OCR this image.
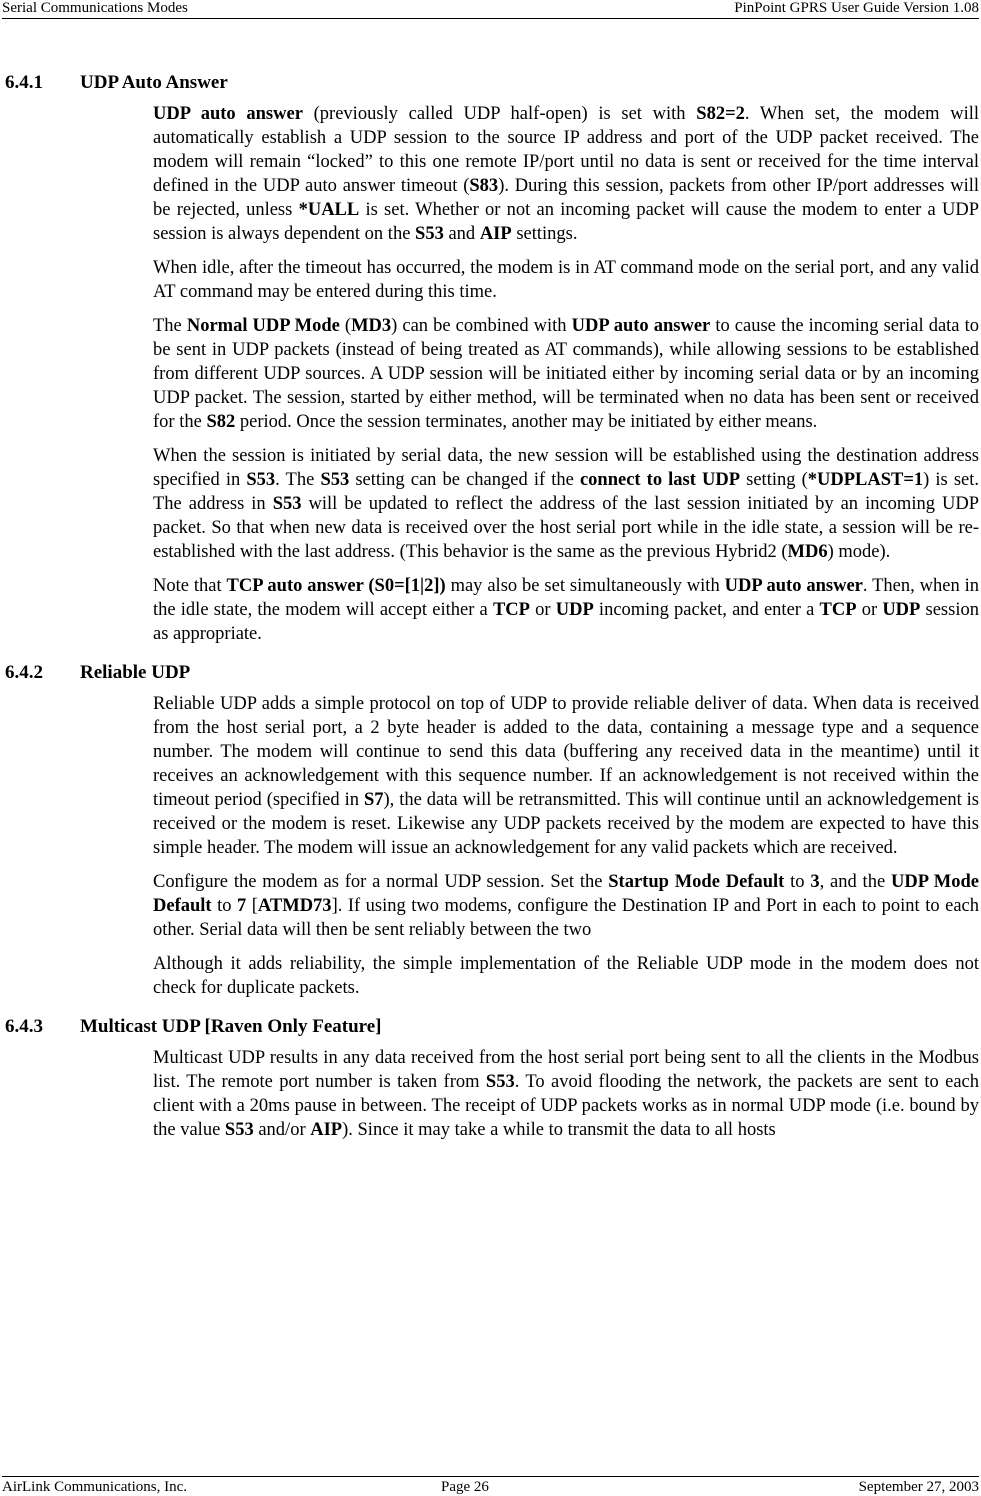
Serial Communications Modes	PinPoint GPRS User Guide Version 1.08
6.4.1 UDP Auto Answer

UDP auto answer (previously called UDP half-open) is set with S82=2. When set, the modem will automatically establish a UDP session to the source IP address and port of the UDP packet received. The modem will remain “locked” to this one remote IP/port until no data is sent or received for the time interval defined in the UDP auto answer timeout (S83). During this session, packets from other IP/port addresses will be rejected, unless *UALL is set. Whether or not an incoming packet will cause the modem to enter a UDP session is always dependent on the S53 and AIP settings.

When idle, after the timeout has occurred, the modem is in AT command mode on the serial port, and any valid AT command may be entered during this time.

The Normal UDP Mode (MD3) can be combined with UDP auto answer to cause the incoming serial data to be sent in UDP packets (instead of being treated as AT commands), while allowing sessions to be established from different UDP sources. A UDP session will be initiated either by incoming serial data or by an incoming UDP packet. The session, started by either method, will be terminated when no data has been sent or received for the S82 period. Once the session terminates, another may be initiated by either means.

When the session is initiated by serial data, the new session will be established using the destination address specified in S53. The S53 setting can be changed if the connect to last UDP setting (*UDPLAST=1) is set. The address in S53 will be updated to reflect the address of the last session initiated by an incoming UDP packet. So that when new data is received over the host serial port while in the idle state, a session will be re-established with the last address. (This behavior is the same as the previous Hybrid2 (MD6) mode).

Note that TCP auto answer (S0=[1|2]) may also be set simultaneously with UDP auto answer. Then, when in the idle state, the modem will accept either a TCP or UDP incoming packet, and enter a TCP or UDP session as appropriate.

6.4.2 Reliable UDP

Reliable UDP adds a simple protocol on top of UDP to provide reliable deliver of data. When data is received from the host serial port, a 2 byte header is added to the data, containing a message type and a sequence number. The modem will continue to send this data (buffering any received data in the meantime) until it receives an acknowledgement with this sequence number. If an acknowledgement is not received within the timeout period (specified in S7), the data will be retransmitted. This will continue until an acknowledgement is received or the modem is reset. Likewise any UDP packets received by the modem are expected to have this simple header. The modem will issue an acknowledgement for any valid packets which are received.

Configure the modem as for a normal UDP session. Set the Startup Mode Default to 3, and the UDP Mode Default to 7 [ATMD73]. If using two modems, configure the Destination IP and Port in each to point to each other. Serial data will then be sent reliably between the two

Although it adds reliability, the simple implementation of the Reliable UDP mode in the modem does not check for duplicate packets.

6.4.3 Multicast UDP [Raven Only Feature]

Multicast UDP results in any data received from the host serial port being sent to all the clients in the Modbus list. The remote port number is taken from S53. To avoid flooding the network, the packets are sent to each client with a 20ms pause in between. The receipt of UDP packets works as in normal UDP mode (i.e. bound by the value S53 and/or AIP). Since it may take a while to transmit the data to all hosts

AirLink Communications, Inc.	Page 26	September 27, 2003
